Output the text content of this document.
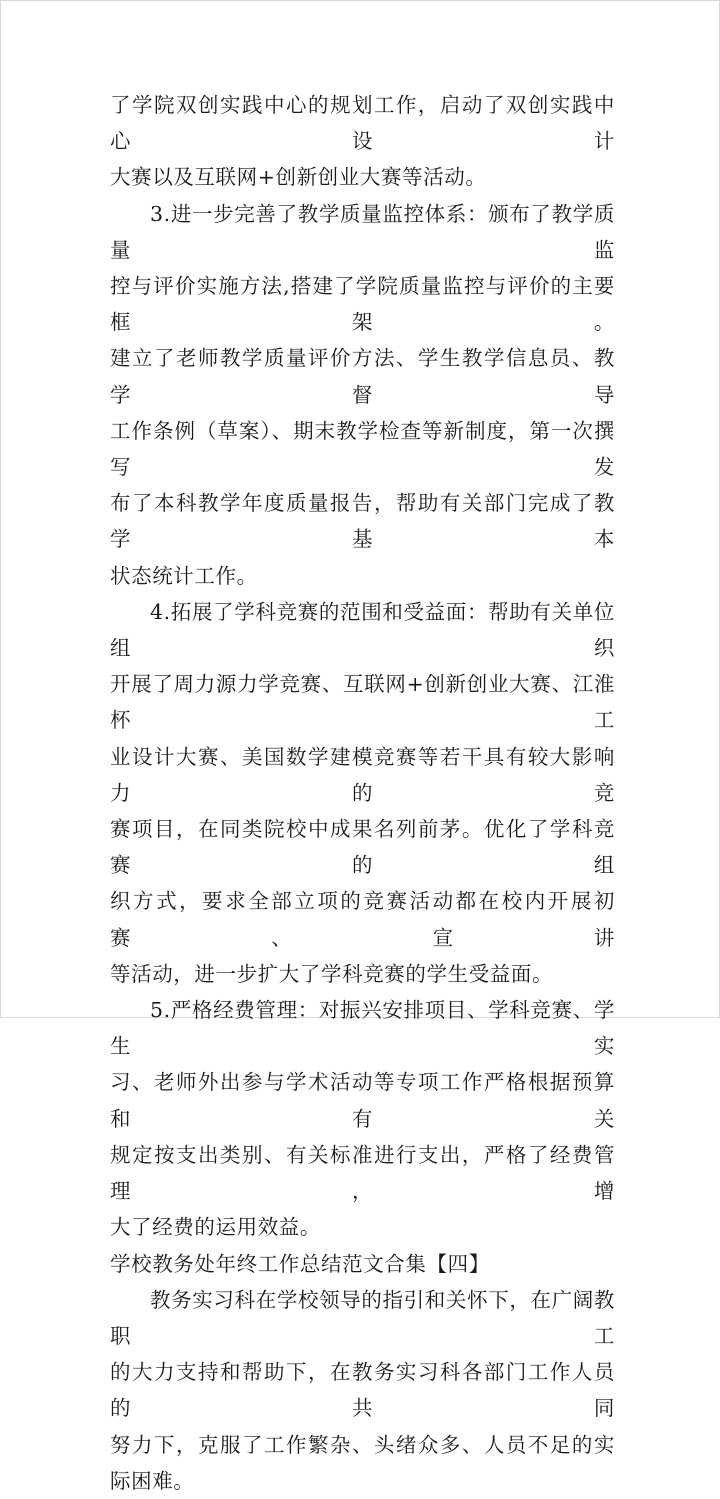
了学院双创实践中心的规划工作，启动了双创实践中心设计

大赛以及互联网+创新创业大赛等活动。

3.进一步完善了教学质量监控体系：颁布了教学质量监

控与评价实施方法,搭建了学院质量监控与评价的主要框架。

建立了老师教学质量评价方法、学生教学信息员、教学督导

工作条例（草案）、期末教学检查等新制度，第一次撰写发

布了本科教学年度质量报告，帮助有关部门完成了教学基本

状态统计工作。

4.拓展了学科竞赛的范围和受益面：帮助有关单位组织

开展了周力源力学竞赛、互联网+创新创业大赛、江淮杯工

业设计大赛、美国数学建模竞赛等若干具有较大影响力的竞

赛项目，在同类院校中成果名列前茅。优化了学科竞赛的组

织方式，要求全部立项的竞赛活动都在校内开展初赛、宣讲

等活动，进一步扩大了学科竞赛的学生受益面。

5.严格经费管理：对振兴安排项目、学科竞赛、学生实

习、老师外出参与学术活动等专项工作严格根据预算和有关

规定按支出类别、有关标准进行支出，严格了经费管理，增

大了经费的运用效益。

学校教务处年终工作总结范文合集【四】

教务实习科在学校领导的指引和关怀下，在广阔教职工

的大力支持和帮助下，在教务实习科各部门工作人员的共同

努力下，克服了工作繁杂、头绪众多、人员不足的实际困难。
